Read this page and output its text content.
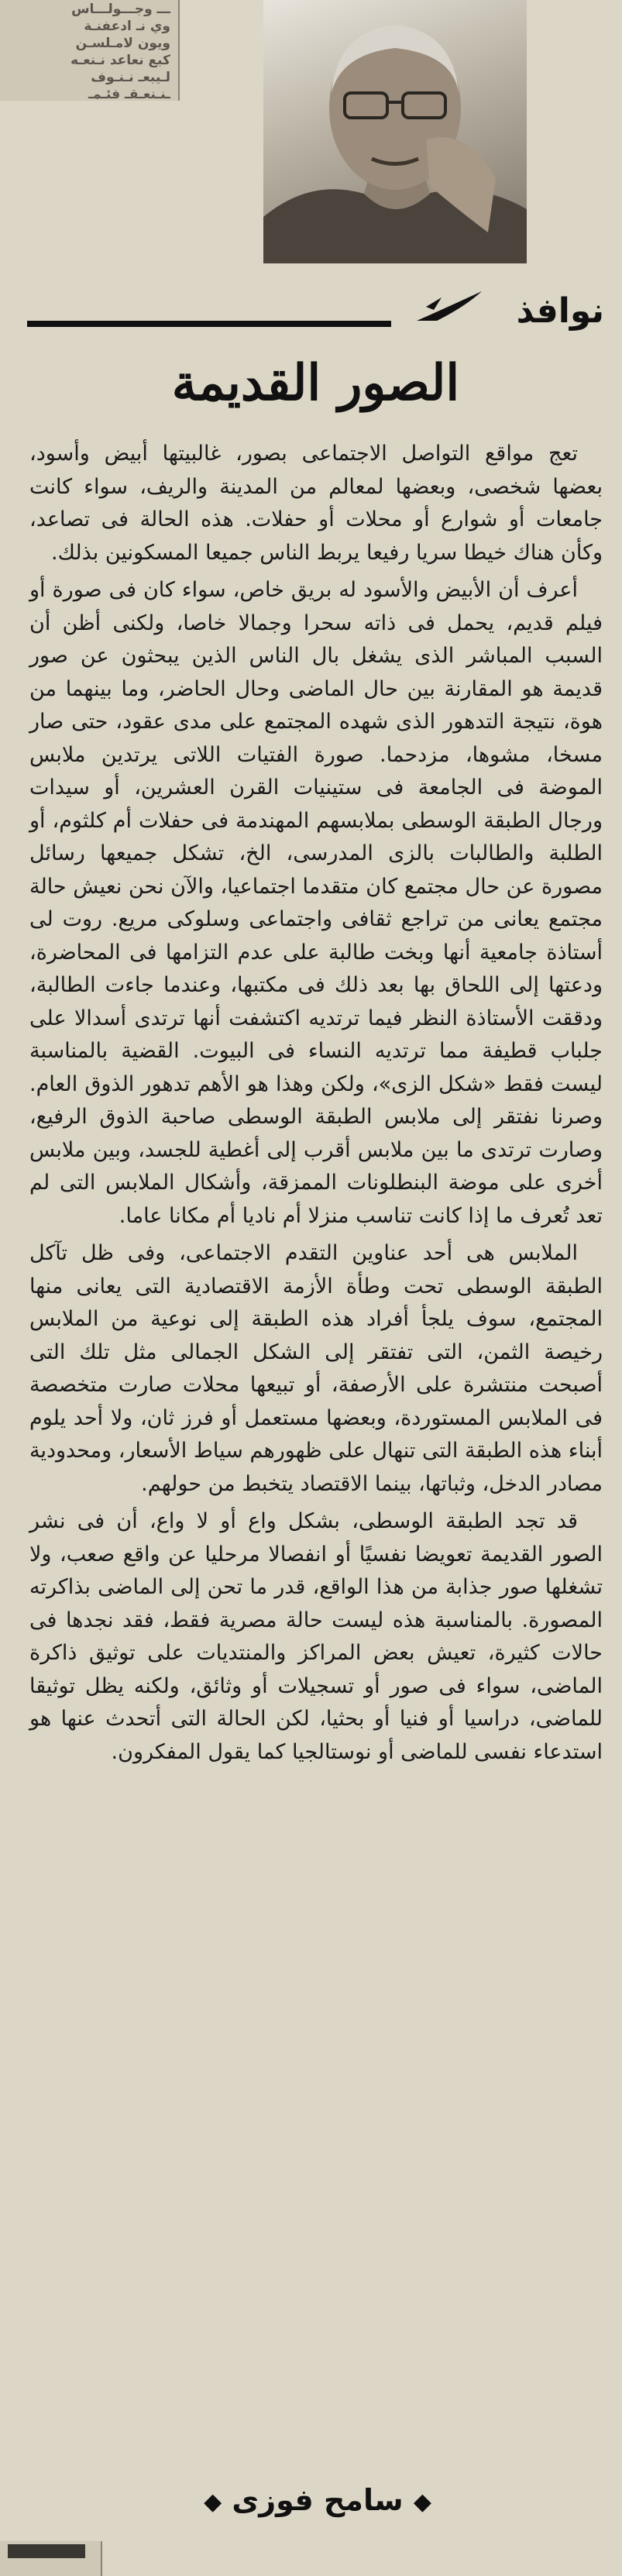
ـــ وجـــولـــاس
وي نـ ادعفنـة
ويون لامـلسـن
كبع نعاعد نـنعـه
لـيبعـ نـنـوف
ـنـنعـقـ فئـمـ
نوافذ
الصور القديمة

تعج مواقع التواصل الاجتماعى بصور، غالبيتها أبيض وأسود، بعضها شخصى، وبعضها لمعالم من المدينة والريف، سواء كانت جامعات أو شوارع أو محلات أو حفلات. هذه الحالة فى تصاعد، وكأن هناك خيطا سريا رفيعا يربط الناس جميعا المسكونين بذلك.

أعرف أن الأبيض والأسود له بريق خاص، سواء كان فى صورة أو فيلم قديم، يحمل فى ذاته سحرا وجمالا خاصا، ولكنى أظن أن السبب المباشر الذى يشغل بال الناس الذين يبحثون عن صور قديمة هو المقارنة بين حال الماضى وحال الحاضر، وما بينهما من هوة، نتيجة التدهور الذى شهده المجتمع على مدى عقود، حتى صار مسخا، مشوها، مزدحما. صورة الفتيات اللاتى يرتدين ملابس الموضة فى الجامعة فى ستينيات القرن العشرين، أو سيدات ورجال الطبقة الوسطى بملابسهم المهندمة فى حفلات أم كلثوم، أو الطلبة والطالبات بالزى المدرسى، الخ، تشكل جميعها رسائل مصورة عن حال مجتمع كان متقدما اجتماعيا، والآن نحن نعيش حالة مجتمع يعانى من تراجع ثقافى واجتماعى وسلوكى مريع. روت لى أستاذة جامعية أنها وبخت طالبة على عدم التزامها فى المحاضرة، ودعتها إلى اللحاق بها بعد ذلك فى مكتبها، وعندما جاءت الطالبة، ودققت الأستاذة النظر فيما ترتديه اكتشفت أنها ترتدى أسدالا على جلباب قطيفة مما ترتديه النساء فى البيوت. القضية بالمناسبة ليست فقط «شكل الزى»، ولكن وهذا هو الأهم تدهور الذوق العام. وصرنا نفتقر إلى ملابس الطبقة الوسطى صاحبة الذوق الرفيع، وصارت ترتدى ما بين ملابس أقرب إلى أغطية للجسد، وبين ملابس أخرى على موضة البنطلونات الممزقة، وأشكال الملابس التى لم تعد تُعرف ما إذا كانت تناسب منزلا أم ناديا أم مكانا عاما.

الملابس هى أحد عناوين التقدم الاجتماعى، وفى ظل تآكل الطبقة الوسطى تحت وطأة الأزمة الاقتصادية التى يعانى منها المجتمع، سوف يلجأ أفراد هذه الطبقة إلى نوعية من الملابس رخيصة الثمن، التى تفتقر إلى الشكل الجمالى مثل تلك التى أصبحت منتشرة على الأرصفة، أو تبيعها محلات صارت متخصصة فى الملابس المستوردة، وبعضها مستعمل أو فرز ثان، ولا أحد يلوم أبناء هذه الطبقة التى تنهال على ظهورهم سياط الأسعار، ومحدودية مصادر الدخل، وثباتها، بينما الاقتصاد يتخبط من حولهم.

قد تجد الطبقة الوسطى، بشكل واع أو لا واع، أن فى نشر الصور القديمة تعويضا نفسيًا أو انفصالا مرحليا عن واقع صعب، ولا تشغلها صور جذابة من هذا الواقع، قدر ما تحن إلى الماضى بذاكرته المصورة. بالمناسبة هذه ليست حالة مصرية فقط، فقد نجدها فى حالات كثيرة، تعيش بعض المراكز والمنتديات على توثيق ذاكرة الماضى، سواء فى صور أو تسجيلات أو وثائق، ولكنه يظل توثيقا للماضى، دراسيا أو فنيا أو بحثيا، لكن الحالة التى أتحدث عنها هو استدعاء نفسى للماضى أو نوستالجيا كما يقول المفكرون.

◆ سامح فوزى ◆
